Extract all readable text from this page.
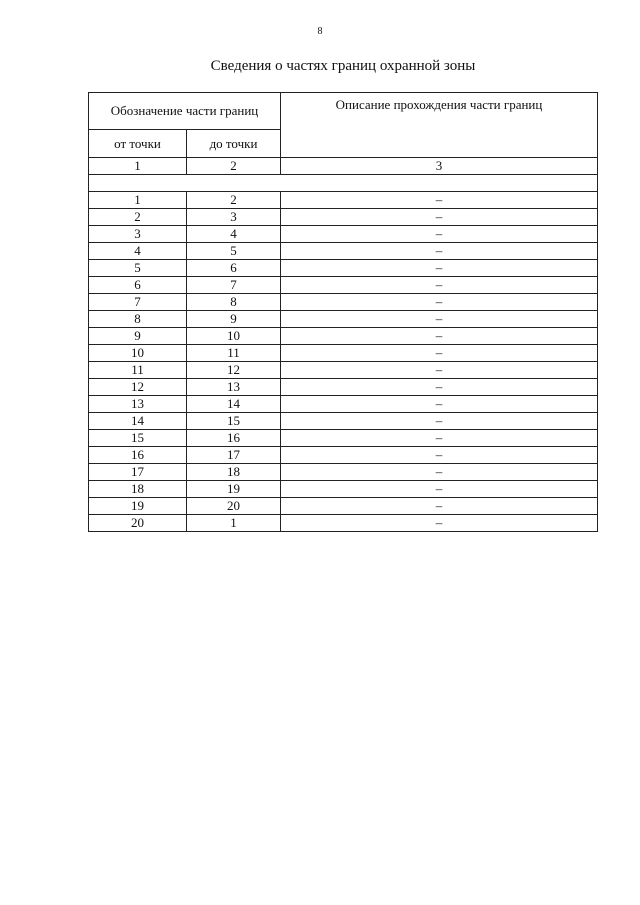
8
Сведения о частях границ охранной зоны
Обозначение части границ		Описание прохождения части границ
от точки	до точки	
1	2	3

1	2	–
2	3	–
3	4	–
4	5	–
5	6	–
6	7	–
7	8	–
8	9	–
9	10	–
10	11	–
11	12	–
12	13	–
13	14	–
14	15	–
15	16	–
16	17	–
17	18	–
18	19	–
19	20	–
20	1	–
